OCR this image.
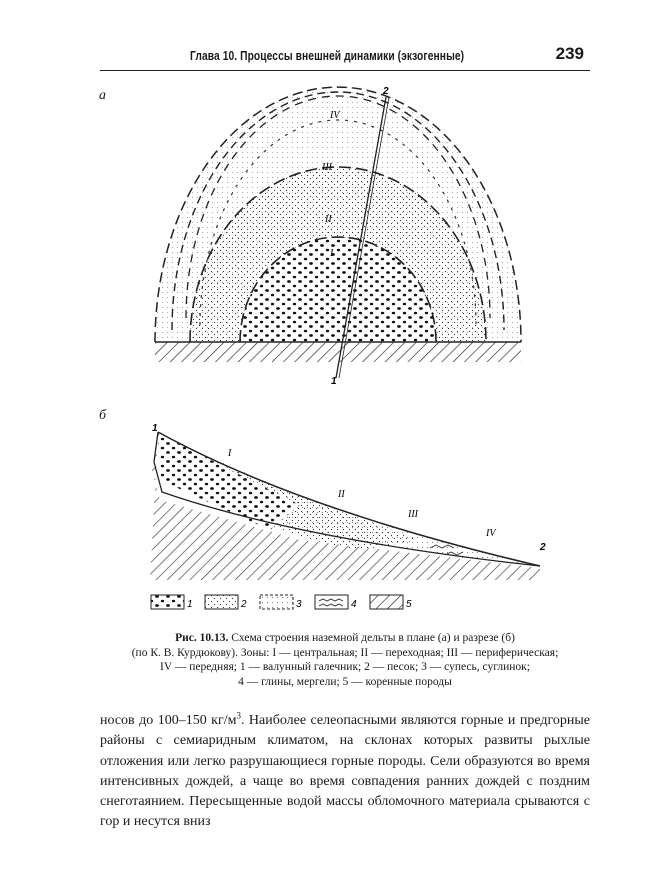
Глава 10. Процессы внешней динамики (экзогенные)	239
а
б
IV
III
II
I
1
2
I
II
III
IV
1
2
1	2	3	4	5
Рис. 10.13. Схема строения наземной дельты в плане (а) и разрезе (б)
(по К. В. Курдюкову). Зоны: I — центральная; II — переходная; III — периферическая;
IV — передняя; 1 — валунный галечник; 2 — песок; 3 — супесь, суглинок;
4 — глины, мергели; 5 — коренные породы

носов до 100–150 $кг/м^3$. Наиболее селеопасными являются горные и предгорные районы с семиаридным климатом, на склонах которых развиты рыхлые отложения или легко разрушающиеся горные породы. Сели образуются во время интенсивных дождей, а чаще во время совпадения ранних дождей с поздним снеготаянием. Пересыщенные водой массы обломочного материала срываются с гор и несутся вниз
